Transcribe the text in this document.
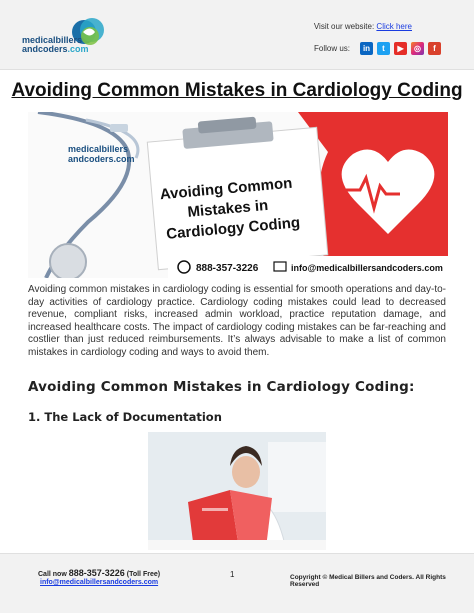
medicalbillers
andcoders.com
Visit our website: Click here
Follow us:	in	t	▶	◎	f
Avoiding Common Mistakes in Cardiology Coding
medicalbillers
andcoders.com
Avoiding Common
Mistakes in
Cardiology Coding
888-357-3226	info@medicalbillersandcoders.com
Avoiding common mistakes in cardiology coding is essential for smooth operations and day-to-day activities of cardiology practice. Cardiology coding mistakes could lead to decreased revenue, compliant risks, increased admin workload, practice reputation damage, and increased healthcare costs. The impact of cardiology coding mistakes can be far-reaching and costlier than just reduced reimbursements. It’s always advisable to make a list of common mistakes in cardiology coding and ways to avoid them.
Avoiding Common Mistakes in Cardiology Coding:
1. The Lack of Documentation
Call now 888-357-3226 (Toll Free)
info@medicalbillersandcoders.com
1	Copyright © Medical Billers and Coders. All Rights Reserved
